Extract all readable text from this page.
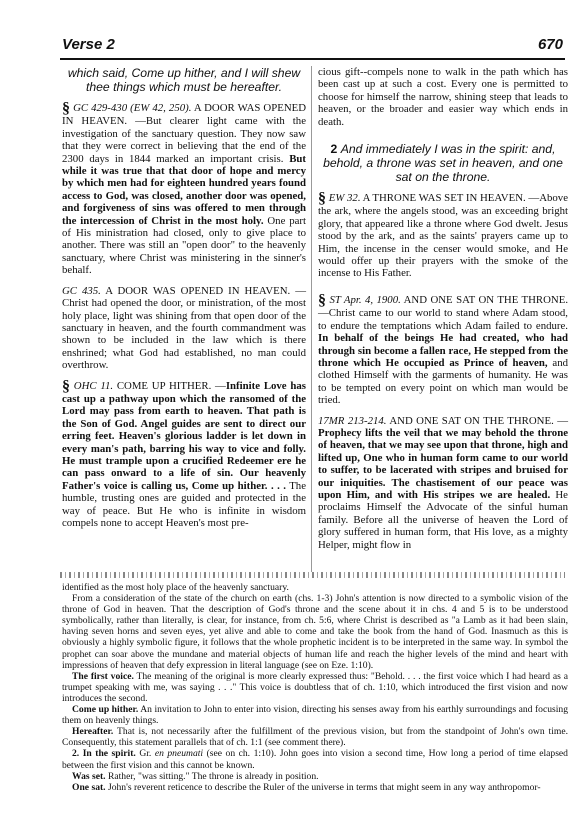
Verse 2	670
which said, Come up hither, and I will shew thee things which must be hereafter.

§ GC 429-430 (EW 42, 250). A DOOR WAS OPENED IN HEAVEN. —But clearer light came with the investigation of the sanctuary question. They now saw that they were correct in believing that the end of the 2300 days in 1844 marked an important crisis. But while it was true that that door of hope and mercy by which men had for eighteen hundred years found access to God, was closed, another door was opened, and forgiveness of sins was offered to men through the intercession of Christ in the most holy. One part of His ministration had closed, only to give place to another. There was still an "open door" to the heavenly sanctuary, where Christ was ministering in the sinner's behalf.

GC 435. A DOOR WAS OPENED IN HEAVEN. —Christ had opened the door, or ministration, of the most holy place, light was shining from that open door of the sanctuary in heaven, and the fourth commandment was shown to be included in the law which is there enshrined; what God had established, no man could overthrow.

§ OHC 11. COME UP HITHER. —Infinite Love has cast up a pathway upon which the ransomed of the Lord may pass from earth to heaven. That path is the Son of God. Angel guides are sent to direct our erring feet. Heaven's glorious ladder is let down in every man's path, barring his way to vice and folly. He must trample upon a crucified Redeemer ere he can pass onward to a life of sin. Our heavenly Father's voice is calling us, Come up hither. . . . The humble, trusting ones are guided and protected in the way of peace. But He who is infinite in wisdom compels none to accept Heaven's most pre-

cious gift--compels none to walk in the path which has been cast up at such a cost. Every one is permitted to choose for himself the narrow, shining steep that leads to heaven, or the broader and easier way which ends in death.

2 And immediately I was in the spirit: and, behold, a throne was set in heaven, and one sat on the throne.

§ EW 32. A THRONE WAS SET IN HEAVEN. —Above the ark, where the angels stood, was an exceeding bright glory, that appeared like a throne where God dwelt. Jesus stood by the ark, and as the saints' prayers came up to Him, the incense in the censer would smoke, and He would offer up their prayers with the smoke of the incense to His Father.

§ ST Apr. 4, 1900. AND ONE SAT ON THE THRONE. —Christ came to our world to stand where Adam stood, to endure the temptations which Adam failed to endure. In behalf of the beings He had created, who had through sin become a fallen race, He stepped from the throne which He occupied as Prince of heaven, and clothed Himself with the garments of humanity. He was to be tempted on every point on which man would be tried.

17MR 213-214. AND ONE SAT ON THE THRONE. —Prophecy lifts the veil that we may behold the throne of heaven, that we may see upon that throne, high and lifted up, One who in human form came to our world to suffer, to be lacerated with stripes and bruised for our iniquities. The chastisement of our peace was upon Him, and with His stripes we are healed. He proclaims Himself the Advocate of the sinful human family. Before all the universe of heaven the Lord of glory suffered in human form, that His love, as a mighty Helper, might flow in

identified as the most holy place of the heavenly sanctuary.

From a consideration of the state of the church on earth (chs. 1-3) John's attention is now directed to a symbolic vision of the throne of God in heaven. That the description of God's throne and the scene about it in chs. 4 and 5 is to be understood symbolically, rather than literally, is clear, for instance, from ch. 5:6, where Christ is described as "a Lamb as it had been slain, having seven horns and seven eyes, yet alive and able to come and take the book from the hand of God. Inasmuch as this is obviously a highly symbolic figure, it follows that the whole prophetic incident is to be interpreted in the same way. In symbol the prophet can soar above the mundane and material objects of human life and reach the higher levels of the mind and heart with impressions of heaven that defy expression in literal language (see on Eze. 1:10).

The first voice. The meaning of the original is more clearly expressed thus: "Behold. . . . the first voice which I had heard as a trumpet speaking with me, was saying . . ." This voice is doubtless that of ch. 1:10, which introduced the first vision and now introduces the second.

Come up hither. An invitation to John to enter into vision, directing his senses away from his earthly surroundings and focusing them on heavenly things.

Hereafter. That is, not necessarily after the fulfillment of the previous vision, but from the standpoint of John's own time. Consequently, this statement parallels that of ch. 1:1 (see comment there).

2. In the spirit. Gr. en pneumati (see on ch. 1:10). John goes into vision a second time, How long a period of time elapsed between the first vision and this cannot be known.

Was set. Rather, "was sitting." The throne is already in position.

One sat. John's reverent reticence to describe the Ruler of the universe in terms that might seem in any way anthropomor-
